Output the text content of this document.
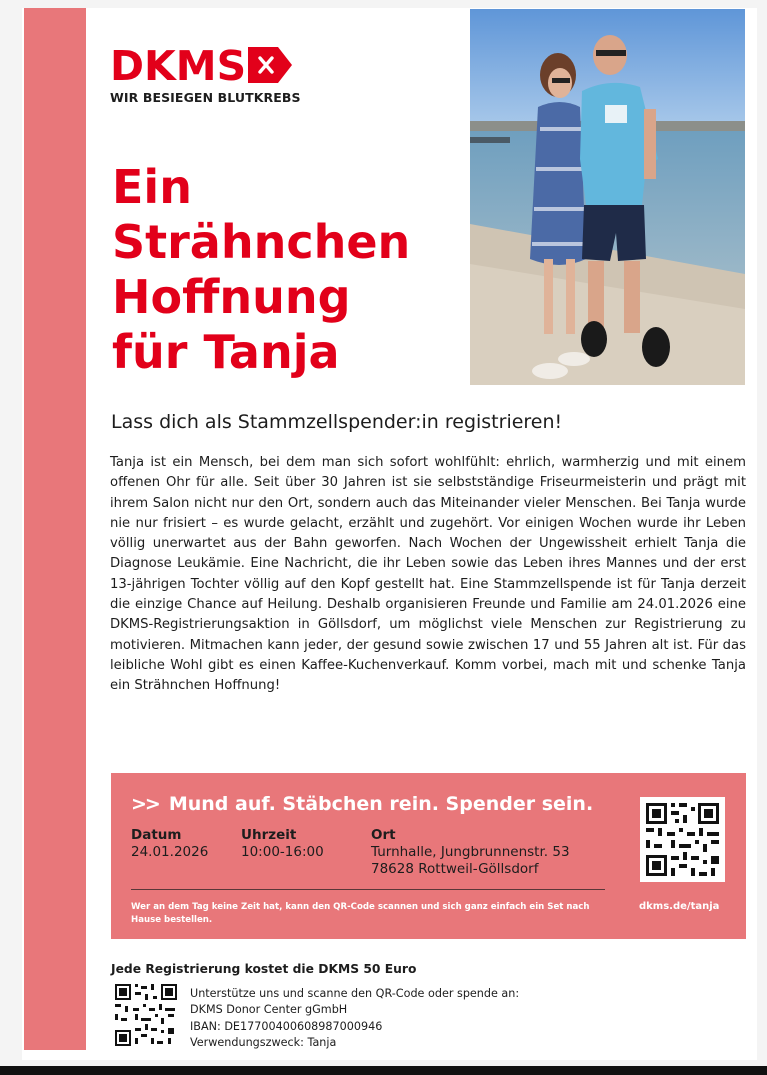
DKMS
WIR BESIEGEN BLUTKREBS
Ein
Strähnchen
Hoffnung
für Tanja
Lass dich als Stammzellspender:in registrieren!

Tanja ist ein Mensch, bei dem man sich sofort wohlfühlt: ehrlich, warmherzig und mit einem offenen Ohr für alle. Seit über 30 Jahren ist sie selbstständige Friseurmeisterin und prägt mit ihrem Salon nicht nur den Ort, sondern auch das Miteinander vieler Menschen. Bei Tanja wurde nie nur frisiert – es wurde gelacht, erzählt und zugehört. Vor einigen Wochen wurde ihr Leben völlig unerwartet aus der Bahn geworfen. Nach Wochen der Ungewissheit erhielt Tanja die Diagnose Leukämie. Eine Nachricht, die ihr Leben sowie das Leben ihres Mannes und der erst 13-jährigen Tochter völlig auf den Kopf gestellt hat. Eine Stammzellspende ist für Tanja derzeit die einzige Chance auf Heilung. Deshalb organisieren Freunde und Familie am 24.01.2026 eine DKMS-Registrierungsaktion in Göllsdorf, um möglichst viele Menschen zur Registrierung zu motivieren. Mitmachen kann jeder, der gesund sowie zwischen 17 und 55 Jahren alt ist. Für das leibliche Wohl gibt es einen Kaffee-Kuchenverkauf. Komm vorbei, mach mit und schenke Tanja ein Strähnchen Hoffnung!

>> Mund auf. Stäbchen rein. Spender sein.
Datum
24.01.2026
Uhrzeit
10:00-16:00
Ort
Turnhalle, Jungbrunnenstr. 53
78628 Rottweil-Göllsdorf
Wer an dem Tag keine Zeit hat, kann den QR-Code scannen und sich ganz einfach ein Set nach Hause bestellen.
dkms.de/tanja
Jede Registrierung kostet die DKMS 50 Euro
Unterstütze uns und scanne den QR-Code oder spende an:
DKMS Donor Center gGmbH
IBAN: DE17700400608987000946
Verwendungszweck: Tanja
